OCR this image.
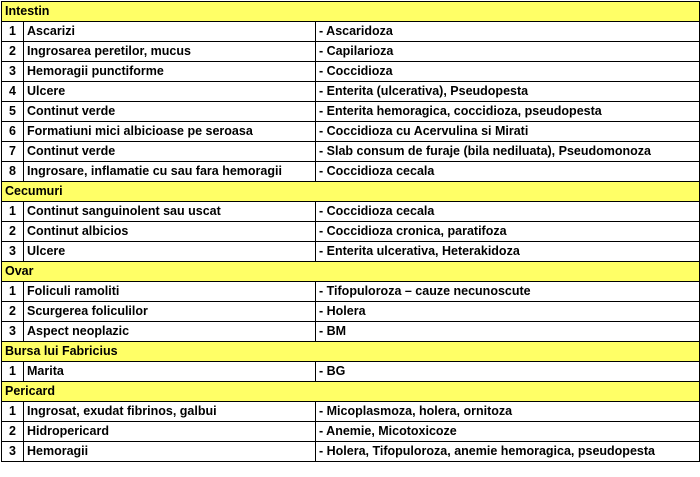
Intestin		
1	Ascarizi	- Ascaridoza
2	Ingrosarea peretilor, mucus	- Capilarioza
3	Hemoragii punctiforme	- Coccidioza
4	Ulcere	- Enterita (ulcerativa), Pseudopesta
5	Continut verde	- Enterita hemoragica, coccidioza, pseudopesta
6	Formatiuni mici albicioase pe seroasa	- Coccidioza cu Acervulina si Mirati
7	Continut verde	- Slab consum de furaje (bila nediluata), Pseudomonoza
8	Ingrosare, inflamatie cu sau fara hemoragii	- Coccidioza cecala
Cecumuri		
1	Continut sanguinolent sau uscat	- Coccidioza cecala
2	Continut albicios	- Coccidioza cronica, paratifoza
3	Ulcere	- Enterita ulcerativa, Heterakidoza
Ovar		
1	Foliculi ramoliti	- Tifopuloroza – cauze necunoscute
2	Scurgerea foliculilor	- Holera
3	Aspect neoplazic	- BM
Bursa lui Fabricius		
1	Marita	- BG
Pericard		
1	Ingrosat, exudat fibrinos, galbui	- Micoplasmoza, holera, ornitoza
2	Hidropericard	- Anemie, Micotoxicoze
3	Hemoragii	- Holera, Tifopuloroza, anemie hemoragica, pseudopesta
